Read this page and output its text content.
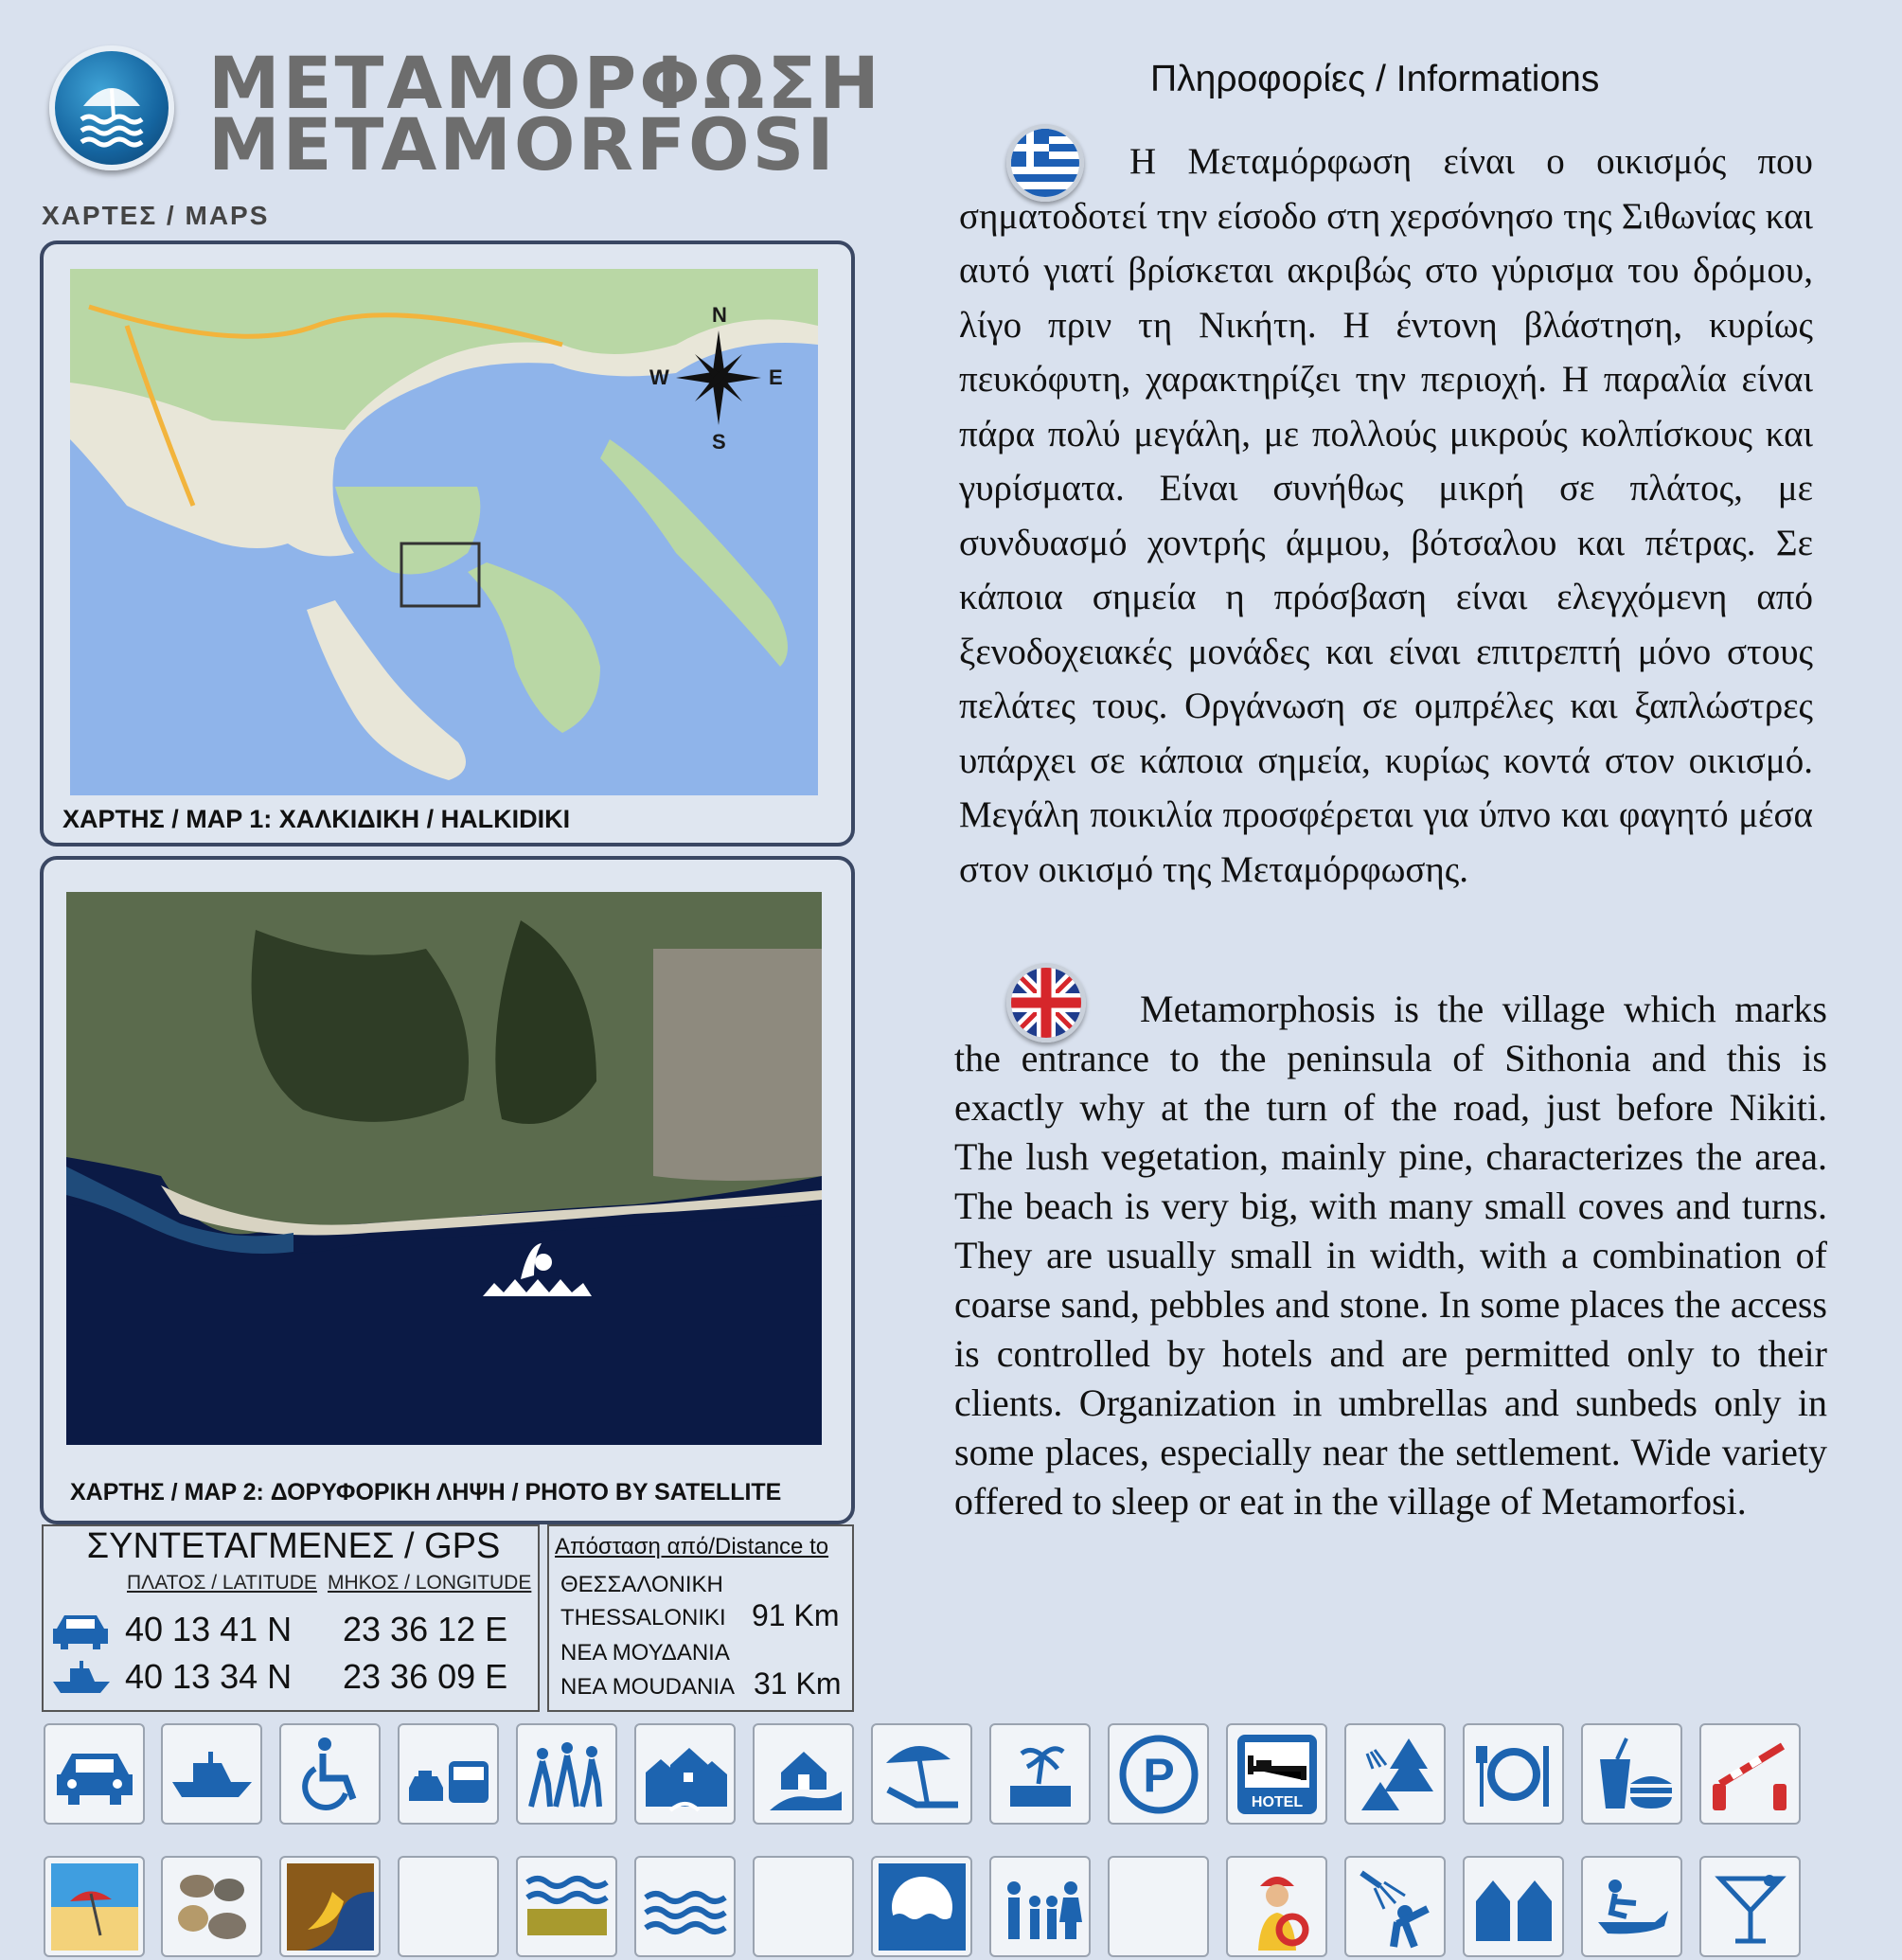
ΜΕΤΑΜΟΡΦΩΣΗ
METAMORFOSI
ΧΑΡΤΕΣ / MAPS
N
S
W	E
ΧΑΡΤΗΣ / MAP 1: ΧΑΛΚΙΔΙΚΗ / HALKIDIKI
ΧΑΡΤΗΣ / MAP 2: ΔΟΡΥΦΟΡΙΚΗ ΛΗΨΗ / PHOTO BY SATELLITE
Πληροφορίες / Informations
Η Μεταμόρφωση είναι ο οικισμός που σηματοδοτεί την είσοδο στη χερσόνησο της Σιθωνίας και αυτό γιατί βρίσκεται ακριβώς στο γύρισμα του δρόμου, λίγο πριν τη Νικήτη. Η έντονη βλάστηση, κυρίως πευκόφυτη, χαρακτηρίζει την περιοχή. Η παραλία είναι πάρα πολύ μεγάλη, με πολλούς μικρούς κολπίσκους και γυρίσματα. Είναι συνήθως μικρή σε πλάτος, με συνδυασμό χοντρής άμμου, βότσαλου και πέτρας. Σε κάποια σημεία η πρόσβαση είναι ελεγχόμενη από ξενοδοχειακές μονάδες και είναι επιτρεπτή μόνο στους πελάτες τους. Οργάνωση σε ομπρέλες και ξαπλώστρες υπάρχει σε κάποια σημεία, κυρίως κοντά στον οικισμό. Μεγάλη ποικιλία προσφέρεται για ύπνο και φαγητό μέσα στον οικισμό της Μεταμόρφωσης.
Metamorphosis is the village which marks the entrance to the peninsula of Sithonia and this is exactly why at the turn of the road, just before Nikiti. The lush vegetation, mainly pine, characterizes the area. The beach is very big, with many small coves and turns. They are usually small in width, with a combination of coarse sand, pebbles and stone. In some places the access is controlled by hotels and are permitted only to their clients. Organization in umbrellas and sunbeds only in some places, especially near the settlement. Wide variety offered to sleep or eat in the village of Metamorfosi.
ΣΥΝΤΕΤΑΓΜΕΝΕΣ / GPS
ΠΛΑΤΟΣ / LATITUDE ΜΗΚΟΣ / LONGITUDE
40 13 41 N 23 36 12 E
40 13 34 N 23 36 09 E
Απόσταση από/Distance to
ΘΕΣΣΑΛΟΝΙΚΗ
THESSALONIKI 91 Km
ΝΕΑ ΜΟΥΔΑΝΙΑ
NEA MOUDANIA 31 Km
P
HOTEL
